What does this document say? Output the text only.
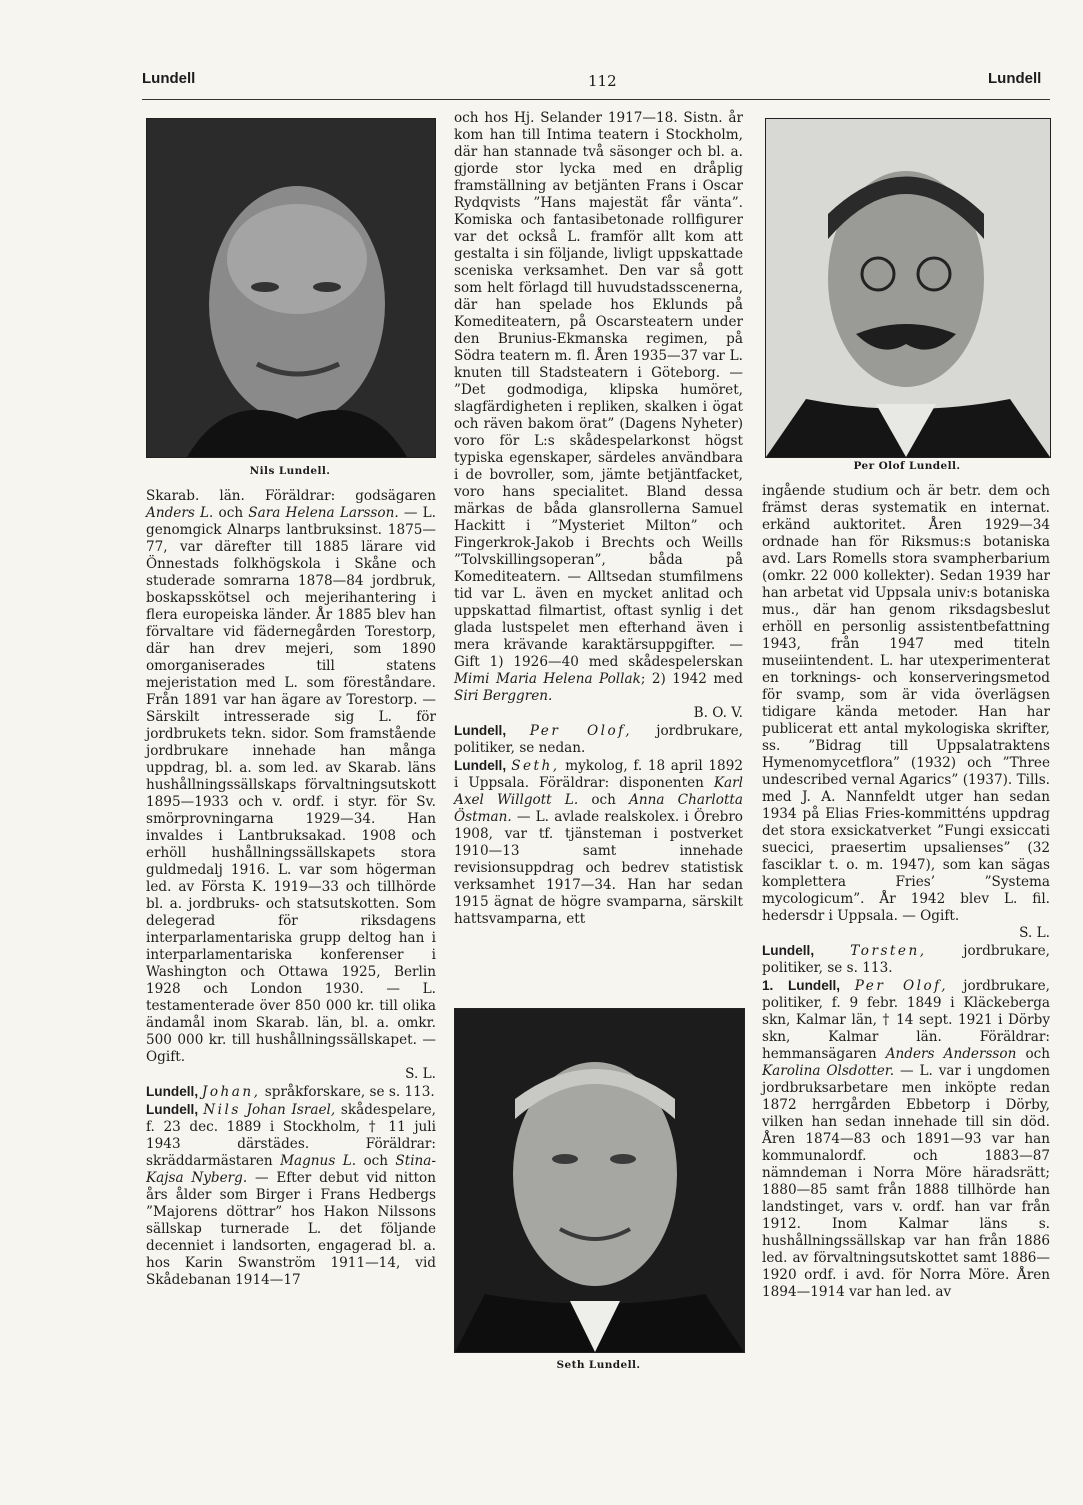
Lundell	112	Lundell
Nils Lundell.	Per Olof Lundell.
Seth Lundell.

Skarab. län. Föräldrar: godsägaren Anders L. och Sara Helena Larsson. — L. genomgick Alnarps lantbruksinst. 1875—77, var därefter till 1885 lärare vid Önnestads folkhögskola i Skåne och studerade somrarna 1878—84 jordbruk, boskapsskötsel och mejerihantering i flera europeiska länder. År 1885 blev han förvaltare vid fädernegården Torestorp, där han drev mejeri, som 1890 omorganiserades till statens mejeristation med L. som föreståndare. Från 1891 var han ägare av Torestorp. — Särskilt intresserade sig L. för jordbrukets tekn. sidor. Som framstående jordbrukare innehade han många uppdrag, bl. a. som led. av Skarab. läns hushållningssällskaps förvaltningsutskott 1895—1933 och v. ordf. i styr. för Sv. smörprovningarna 1929—34. Han invaldes i Lantbruksakad. 1908 och erhöll hushållningssällskapets stora guldmedalj 1916. L. var som högerman led. av Första K. 1919—33 och tillhörde bl. a. jordbruks- och statsutskotten. Som delegerad för riksdagens interparlamentariska grupp deltog han i interparlamentariska konferenser i Washington och Ottawa 1925, Berlin 1928 och London 1930. — L. testamenterade över 850 000 kr. till olika ändamål inom Skarab. län, bl. a. omkr. 500 000 kr. till hushållningssällskapet. — Ogift.

S. L.

Lundell, Johan, språkforskare, se s. 113.

Lundell, Nils Johan Israel, skådespelare, f. 23 dec. 1889 i Stockholm, † 11 juli 1943 därstädes. Föräldrar: skräddarmästaren Magnus L. och Stina-Kajsa Nyberg. — Efter debut vid nitton års ålder som Birger i Frans Hedbergs ”Majorens döttrar” hos Hakon Nilssons sällskap turnerade L. det följande decenniet i landsorten, engagerad bl. a. hos Karin Swanström 1911—14, vid Skådebanan 1914—17

och hos Hj. Selander 1917—18. Sistn. år kom han till Intima teatern i Stockholm, där han stannade två säsonger och bl. a. gjorde stor lycka med en dråplig framställning av betjänten Frans i Oscar Rydqvists ”Hans majestät får vänta”. Komiska och fantasibetonade rollfigurer var det också L. framför allt kom att gestalta i sin följande, livligt uppskattade sceniska verksamhet. Den var så gott som helt förlagd till huvudstadsscenerna, där han spelade hos Eklunds på Komediteatern, på Oscarsteatern under den Brunius-Ekmanska regimen, på Södra teatern m. fl. Åren 1935—37 var L. knuten till Stadsteatern i Göteborg. — ”Det godmodiga, klipska humöret, slagfärdigheten i repliken, skalken i ögat och räven bakom örat” (Dagens Nyheter) voro för L:s skådespelarkonst högst typiska egenskaper, särdeles användbara i de bovroller, som, jämte betjäntfacket, voro hans specialitet. Bland dessa märkas de båda glansrollerna Samuel Hackitt i ”Mysteriet Milton” och Fingerkrok-Jakob i Brechts och Weills ”Tolvskillingsoperan”, båda på Komediteatern. — Alltsedan stumfilmens tid var L. även en mycket anlitad och uppskattad filmartist, oftast synlig i det glada lustspelet men efterhand även i mera krävande karaktärsuppgifter. — Gift 1) 1926—40 med skådespelerskan Mimi Maria Helena Pollak; 2) 1942 med Siri Berggren.

B. O. V.

Lundell, Per Olof, jordbrukare, politiker, se nedan.

Lundell, Seth, mykolog, f. 18 april 1892 i Uppsala. Föräldrar: disponenten Karl Axel Willgott L. och Anna Charlotta Östman. — L. avlade realskolex. i Örebro 1908, var tf. tjänsteman i postverket 1910—13 samt innehade revisionsuppdrag och bedrev statistisk verksamhet 1917—34. Han har sedan 1915 ägnat de högre svamparna, särskilt hattsvamparna, ett

ingående studium och är betr. dem och främst deras systematik en internat. erkänd auktoritet. Åren 1929—34 ordnade han för Riksmus:s botaniska avd. Lars Romells stora svampherbarium (omkr. 22 000 kollekter). Sedan 1939 har han arbetat vid Uppsala univ:s botaniska mus., där han genom riksdagsbeslut erhöll en personlig assistentbefattning 1943, från 1947 med titeln museiintendent. L. har utexperimenterat en torknings- och konserveringsmetod för svamp, som är vida överlägsen tidigare kända metoder. Han har publicerat ett antal mykologiska skrifter, ss. ”Bidrag till Uppsalatraktens Hymenomycetflora” (1932) och ”Three undescribed vernal Agarics” (1937). Tills. med J. A. Nannfeldt utger han sedan 1934 på Elias Fries-kommitténs uppdrag det stora exsickatverket ”Fungi exsiccati suecici, praesertim upsalienses” (32 fasciklar t. o. m. 1947), som kan sägas komplettera Fries’ ”Systema mycologicum”. År 1942 blev L. fil. hedersdr i Uppsala. — Ogift.

S. L.

Lundell, Torsten, jordbrukare, politiker, se s. 113.

1. Lundell, Per Olof, jordbrukare, politiker, f. 9 febr. 1849 i Kläckeberga skn, Kalmar län, † 14 sept. 1921 i Dörby skn, Kalmar län. Föräldrar: hemmansägaren Anders Andersson och Karolina Olsdotter. — L. var i ungdomen jordbruksarbetare men inköpte redan 1872 herrgården Ebbetorp i Dörby, vilken han sedan innehade till sin död. Åren 1874—83 och 1891—93 var han kommunalordf. och 1883—87 nämndeman i Norra Möre häradsrätt; 1880—85 samt från 1888 tillhörde han landstinget, vars v. ordf. han var från 1912. Inom Kalmar läns s. hushållningssällskap var han från 1886 led. av förvaltningsutskottet samt 1886—1920 ordf. i avd. för Norra Möre. Åren 1894—1914 var han led. av
